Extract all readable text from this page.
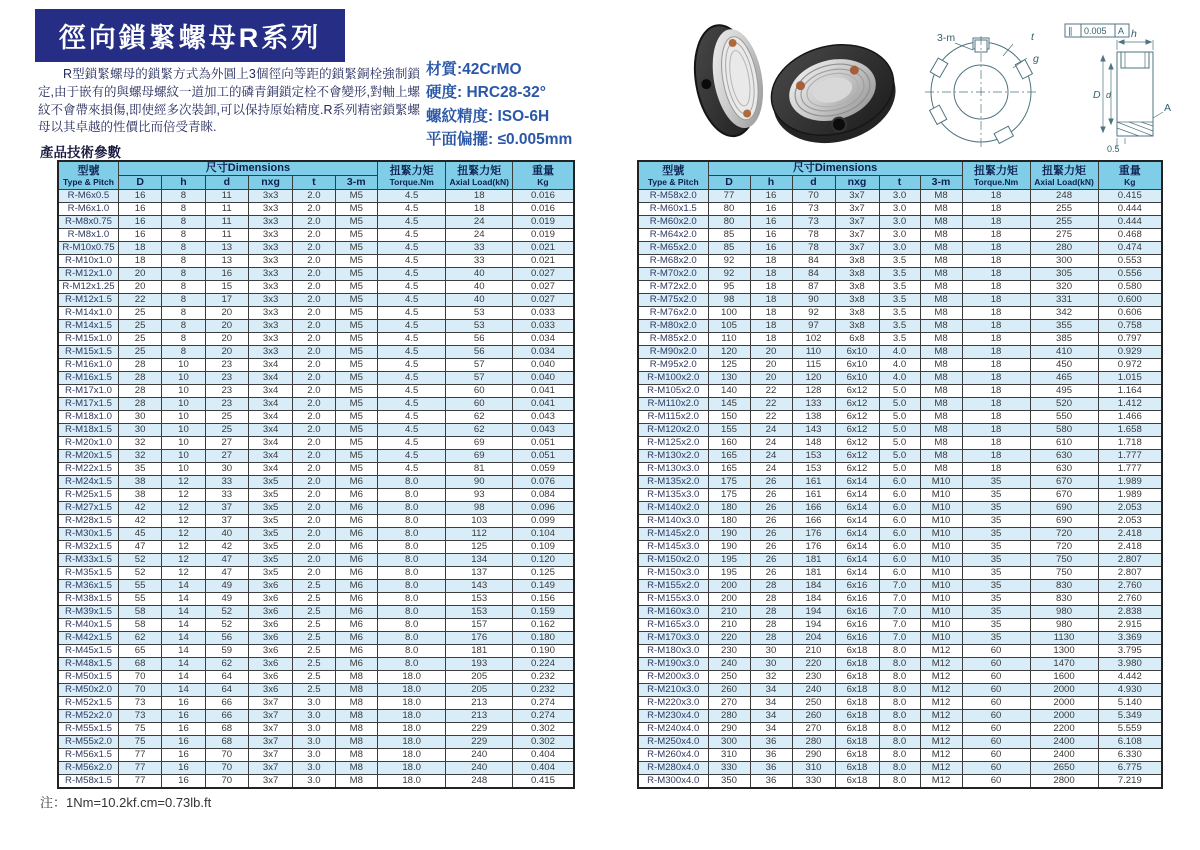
徑向鎖緊螺母R系列
R型鎖緊螺母的鎖緊方式為外圓上3個徑向等距的鎖緊銅栓強制鎖定,由于嵌有的與螺母螺紋一道加工的磷青銅鎖定栓不會變形,對軸上螺紋不會帶來損傷,即使經多次裝卸,可以保持原始精度.R系列精密鎖緊螺母以其卓越的性價比而倍受青睞.
材質:42CrMO
硬度: HRC28-32°
螺紋精度: ISO-6H
平面偏擺: ≤0.005mm
3-m	t
g
h
D d
A
0.5
∥ 0.005 A
產品技術參數
型號
Type & Pitch	尺寸Dimensions						扭緊力矩
Torque.Nm	扭緊力矩
Axial Load(kN)	重量
Kg

	D	h	d	nxg	t	3-m			
R-M6x0.5	16	8	11	3x3	2.0	M5	4.5	18	0.016
R-M6x1.0	16	8	11	3x3	2.0	M5	4.5	18	0.016
R-M8x0.75	16	8	11	3x3	2.0	M5	4.5	24	0.019
R-M8x1.0	16	8	11	3x3	2.0	M5	4.5	24	0.019
R-M10x0.75	18	8	13	3x3	2.0	M5	4.5	33	0.021
R-M10x1.0	18	8	13	3x3	2.0	M5	4.5	33	0.021
R-M12x1.0	20	8	16	3x3	2.0	M5	4.5	40	0.027
R-M12x1.25	20	8	15	3x3	2.0	M5	4.5	40	0.027
R-M12x1.5	22	8	17	3x3	2.0	M5	4.5	40	0.027
R-M14x1.0	25	8	20	3x3	2.0	M5	4.5	53	0.033
R-M14x1.5	25	8	20	3x3	2.0	M5	4.5	53	0.033
R-M15x1.0	25	8	20	3x3	2.0	M5	4.5	56	0.034
R-M15x1.5	25	8	20	3x3	2.0	M5	4.5	56	0.034
R-M16x1.0	28	10	23	3x4	2.0	M5	4.5	57	0.040
R-M16x1.5	28	10	23	3x4	2.0	M5	4.5	57	0.040
R-M17x1.0	28	10	23	3x4	2.0	M5	4.5	60	0.041
R-M17x1.5	28	10	23	3x4	2.0	M5	4.5	60	0.041
R-M18x1.0	30	10	25	3x4	2.0	M5	4.5	62	0.043
R-M18x1.5	30	10	25	3x4	2.0	M5	4.5	62	0.043
R-M20x1.0	32	10	27	3x4	2.0	M5	4.5	69	0.051
R-M20x1.5	32	10	27	3x4	2.0	M5	4.5	69	0.051
R-M22x1.5	35	10	30	3x4	2.0	M5	4.5	81	0.059
R-M24x1.5	38	12	33	3x5	2.0	M6	8.0	90	0.076
R-M25x1.5	38	12	33	3x5	2.0	M6	8.0	93	0.084
R-M27x1.5	42	12	37	3x5	2.0	M6	8.0	98	0.096
R-M28x1.5	42	12	37	3x5	2.0	M6	8.0	103	0.099
R-M30x1.5	45	12	40	3x5	2.0	M6	8.0	112	0.104
R-M32x1.5	47	12	42	3x5	2.0	M6	8.0	125	0.109
R-M33x1.5	52	12	47	3x5	2.0	M6	8.0	134	0.120
R-M35x1.5	52	12	47	3x5	2.0	M6	8.0	137	0.125
R-M36x1.5	55	14	49	3x6	2.5	M6	8.0	143	0.149
R-M38x1.5	55	14	49	3x6	2.5	M6	8.0	153	0.156
R-M39x1.5	58	14	52	3x6	2.5	M6	8.0	153	0.159
R-M40x1.5	58	14	52	3x6	2.5	M6	8.0	157	0.162
R-M42x1.5	62	14	56	3x6	2.5	M6	8.0	176	0.180
R-M45x1.5	65	14	59	3x6	2.5	M6	8.0	181	0.190
R-M48x1.5	68	14	62	3x6	2.5	M6	8.0	193	0.224
R-M50x1.5	70	14	64	3x6	2.5	M8	18.0	205	0.232
R-M50x2.0	70	14	64	3x6	2.5	M8	18.0	205	0.232
R-M52x1.5	73	16	66	3x7	3.0	M8	18.0	213	0.274
R-M52x2.0	73	16	66	3x7	3.0	M8	18.0	213	0.274
R-M55x1.5	75	16	68	3x7	3.0	M8	18.0	229	0.302
R-M55x2.0	75	16	68	3x7	3.0	M8	18.0	229	0.302
R-M56x1.5	77	16	70	3x7	3.0	M8	18.0	240	0.404
R-M56x2.0	77	16	70	3x7	3.0	M8	18.0	240	0.404
R-M58x1.5	77	16	70	3x7	3.0	M8	18.0	248	0.415
型號
Type & Pitch	尺寸Dimensions						扭緊力矩
Torque.Nm	扭緊力矩
Axial Load(kN)	重量
Kg

	D	h	d	nxg	t	3-m			
R-M58x2.0	77	16	70	3x7	3.0	M8	18	248	0.415
R-M60x1.5	80	16	73	3x7	3.0	M8	18	255	0.444
R-M60x2.0	80	16	73	3x7	3.0	M8	18	255	0.444
R-M64x2.0	85	16	78	3x7	3.0	M8	18	275	0.468
R-M65x2.0	85	16	78	3x7	3.0	M8	18	280	0.474
R-M68x2.0	92	18	84	3x8	3.5	M8	18	300	0.553
R-M70x2.0	92	18	84	3x8	3.5	M8	18	305	0.556
R-M72x2.0	95	18	87	3x8	3.5	M8	18	320	0.580
R-M75x2.0	98	18	90	3x8	3.5	M8	18	331	0.600
R-M76x2.0	100	18	92	3x8	3.5	M8	18	342	0.606
R-M80x2.0	105	18	97	3x8	3.5	M8	18	355	0.758
R-M85x2.0	110	18	102	6x8	3.5	M8	18	385	0.797
R-M90x2.0	120	20	110	6x10	4.0	M8	18	410	0.929
R-M95x2.0	125	20	115	6x10	4.0	M8	18	450	0.972
R-M100x2.0	130	20	120	6x10	4.0	M8	18	465	1.015
R-M105x2.0	140	22	128	6x12	5.0	M8	18	495	1.164
R-M110x2.0	145	22	133	6x12	5.0	M8	18	520	1.412
R-M115x2.0	150	22	138	6x12	5.0	M8	18	550	1.466
R-M120x2.0	155	24	143	6x12	5.0	M8	18	580	1.658
R-M125x2.0	160	24	148	6x12	5.0	M8	18	610	1.718
R-M130x2.0	165	24	153	6x12	5.0	M8	18	630	1.777
R-M130x3.0	165	24	153	6x12	5.0	M8	18	630	1.777
R-M135x2.0	175	26	161	6x14	6.0	M10	35	670	1.989
R-M135x3.0	175	26	161	6x14	6.0	M10	35	670	1.989
R-M140x2.0	180	26	166	6x14	6.0	M10	35	690	2.053
R-M140x3.0	180	26	166	6x14	6.0	M10	35	690	2.053
R-M145x2.0	190	26	176	6x14	6.0	M10	35	720	2.418
R-M145x3.0	190	26	176	6x14	6.0	M10	35	720	2.418
R-M150x2.0	195	26	181	6x14	6.0	M10	35	750	2.807
R-M150x3.0	195	26	181	6x14	6.0	M10	35	750	2.807
R-M155x2.0	200	28	184	6x16	7.0	M10	35	830	2.760
R-M155x3.0	200	28	184	6x16	7.0	M10	35	830	2.760
R-M160x3.0	210	28	194	6x16	7.0	M10	35	980	2.838
R-M165x3.0	210	28	194	6x16	7.0	M10	35	980	2.915
R-M170x3.0	220	28	204	6x16	7.0	M10	35	1130	3.369
R-M180x3.0	230	30	210	6x18	8.0	M12	60	1300	3.795
R-M190x3.0	240	30	220	6x18	8.0	M12	60	1470	3.980
R-M200x3.0	250	32	230	6x18	8.0	M12	60	1600	4.442
R-M210x3.0	260	34	240	6x18	8.0	M12	60	2000	4.930
R-M220x3.0	270	34	250	6x18	8.0	M12	60	2000	5.140
R-M230x4.0	280	34	260	6x18	8.0	M12	60	2000	5.349
R-M240x4.0	290	34	270	6x18	8.0	M12	60	2200	5.559
R-M250x4.0	300	36	280	6x18	8.0	M12	60	2400	6.108
R-M260x4.0	310	36	290	6x18	8.0	M12	60	2400	6.330
R-M280x4.0	330	36	310	6x18	8.0	M12	60	2650	6.775
R-M300x4.0	350	36	330	6x18	8.0	M12	60	2800	7.219
注：1Nm=10.2kf.cm=0.73lb.ft
